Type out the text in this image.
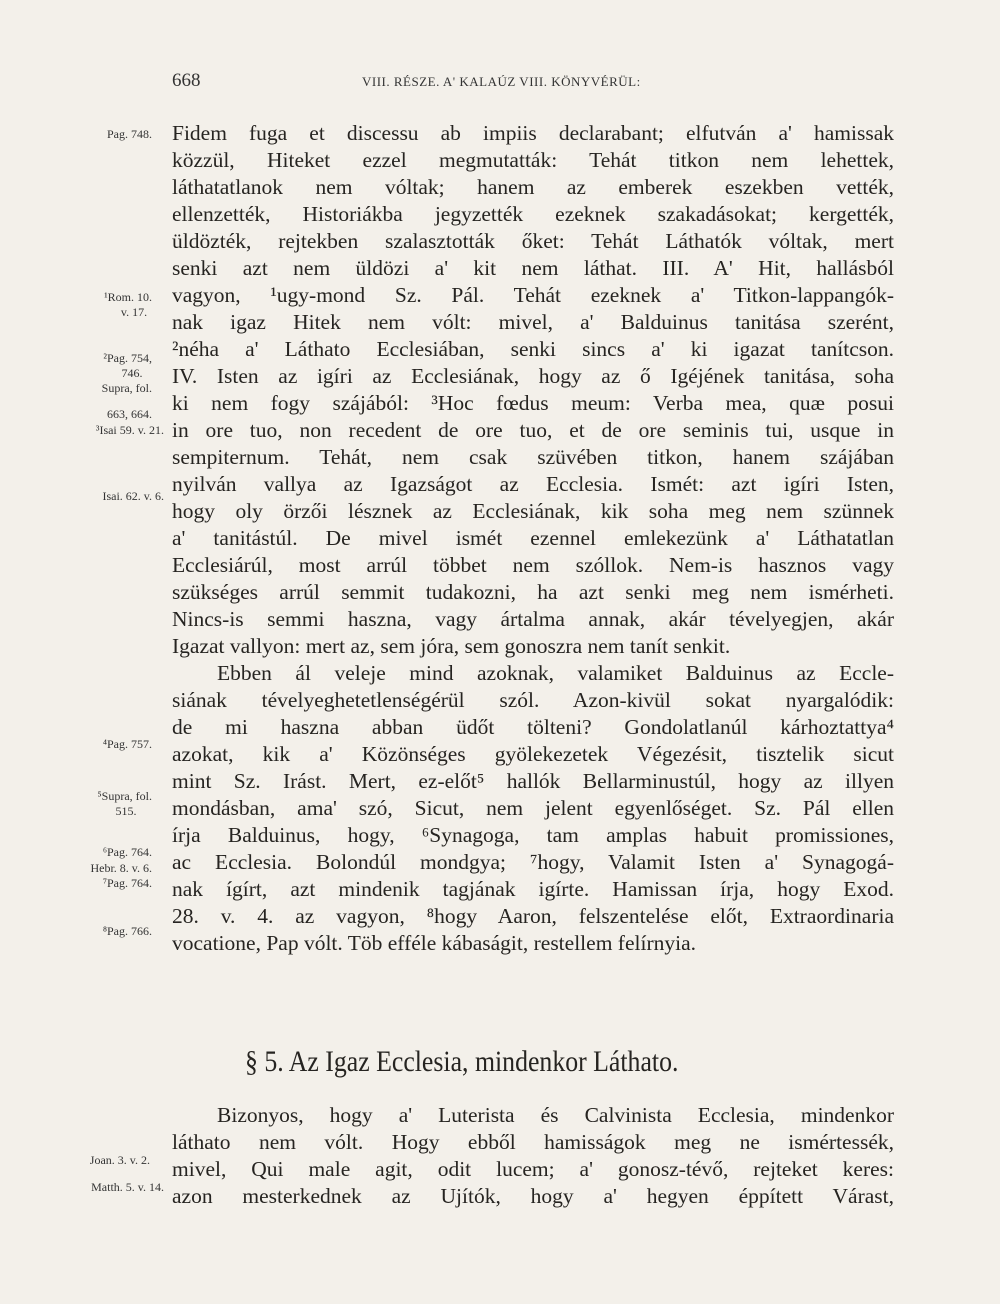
668	VIII. RÉSZE. A' KALAÚZ VIII. KÖNYVÉRÜL:
Pag. 748.
¹Rom. 10.
v. 17.
²Pag. 754,
746.
Supra, fol.
663, 664.
³Isai 59. v. 21.
Isai. 62. v. 6.
⁴Pag. 757.
⁵Supra, fol.
515.
⁶Pag. 764.
Hebr. 8. v. 6.
⁷Pag. 764.
⁸Pag. 766.
Joan. 3. v. 2.
Matth. 5. v. 14.
Fidem fuga et discessu ab impiis declarabant; elfutván a' hamissak
közzül, Hiteket ezzel megmutatták: Tehát titkon nem lehettek,
láthatatlanok nem vóltak; hanem az emberek eszekben vették,
ellenzették, Historiákba jegyzették ezeknek szakadásokat; kergették,
üldözték, rejtekben szalasztották őket: Tehát Láthatók vóltak, mert
senki azt nem üldözi a' kit nem láthat. III. A' Hit, hallásból
vagyon, ¹ugy-mond Sz. Pál. Tehát ezeknek a' Titkon-lappangók-
nak igaz Hitek nem vólt: mivel, a' Balduinus tanitása szerént,
²néha a' Láthato Ecclesiában, senki sincs a' ki igazat tanítcson.
IV. Isten az igíri az Ecclesiának, hogy az ő Igéjének tanitása, soha
ki nem fogy szájából: ³Hoc fœdus meum: Verba mea, quæ posui
in ore tuo, non recedent de ore tuo, et de ore seminis tui, usque in
sempiternum. Tehát, nem csak szüvében titkon, hanem szájában
nyilván vallya az Igazságot az Ecclesia. Ismét: azt igíri Isten,
hogy oly örzői lésznek az Ecclesiának, kik soha meg nem szünnek
a' tanitástúl. De mivel ismét ezennel emlekezünk a' Láthatatlan
Ecclesiárúl, most arrúl többet nem szóllok. Nem-is hasznos vagy
szükséges arrúl semmit tudakozni, ha azt senki meg nem ismérheti.
Nincs-is semmi haszna, vagy ártalma annak, akár tévelyegjen, akár
Igazat vallyon: mert az, sem jóra, sem gonoszra nem tanít senkit.
Ebben ál veleje mind azoknak, valamiket Balduinus az Eccle-
siának tévelyeghetetlenségérül szól. Azon-kivül sokat nyargalódik:
de mi haszna abban üdőt tölteni? Gondolatlanúl kárhoztattya⁴
azokat, kik a' Közönséges gyölekezetek Végezésit, tisztelik sicut
mint Sz. Irást. Mert, ez-előt⁵ hallók Bellarminustúl, hogy az illyen
mondásban, ama' szó, Sicut, nem jelent egyenlőséget. Sz. Pál ellen
írja Balduinus, hogy, ⁶Synagoga, tam amplas habuit promissiones,
ac Ecclesia. Bolondúl mondgya; ⁷hogy, Valamit Isten a' Synagogá-
nak ígírt, azt mindenik tagjának igírte. Hamissan írja, hogy Exod.
28. v. 4. az vagyon, ⁸hogy Aaron, felszentelése előt, Extraordinaria
vocatione, Pap vólt. Töb efféle kábaságit, restellem felírnyia.
§ 5. Az Igaz Ecclesia, mindenkor Láthato.
Bizonyos, hogy a' Luterista és Calvinista Ecclesia, mindenkor
láthato nem vólt. Hogy ebből hamisságok meg ne ismértessék,
mivel, Qui male agit, odit lucem; a' gonosz-tévő, rejteket keres:
azon mesterkednek az Ujítók, hogy a' hegyen éppített Várast,
